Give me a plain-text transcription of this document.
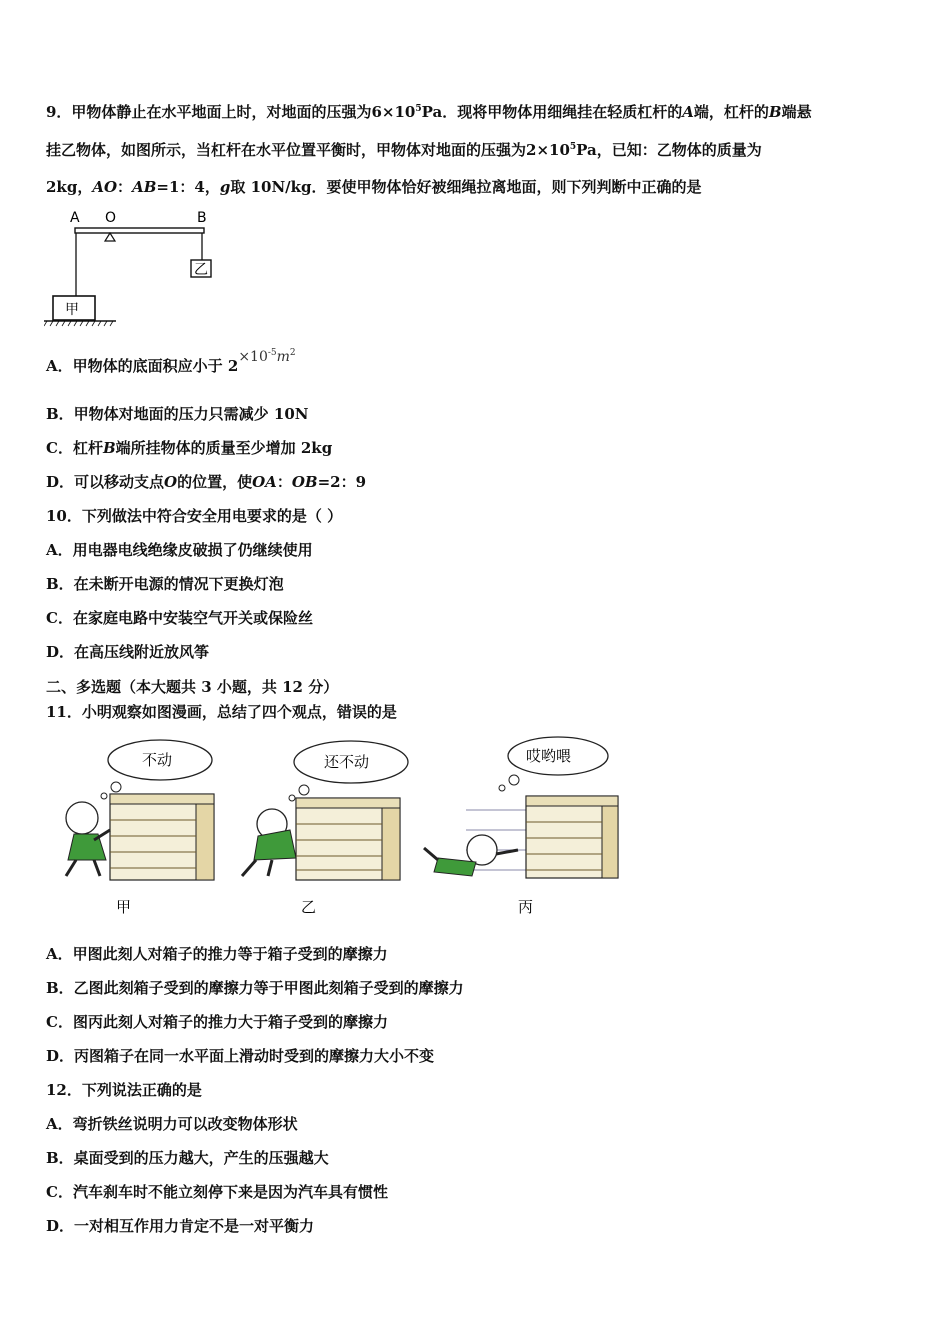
9．甲物体静止在水平地面上时，对地面的压强为$6\times 10^5Pa$．现将甲物体用细绳挂在轻质杠杆的A端，杠杆的B端悬
挂乙物体，如图所示，当杠杆在水平位置平衡时，甲物体对地面的压强为$2\times 10^5Pa$，已知：乙物体的质量为
2kg，AO：AB=1：4，g取 10N/kg．要使甲物体恰好被细绳拉离地面，则下列判断中正确的是
A O	B
乙
甲
A．甲物体的底面积应小于 $2\times 10^{-5}m^2$
B．甲物体对地面的压力只需减少 10N
C．杠杆B端所挂物体的质量至少增加 2kg
D．可以移动支点O的位置，使OA：OB=2：9
10．下列做法中符合安全用电要求的是（ ）
A．用电器电线绝缘皮破损了仍继续使用
B．在未断开电源的情况下更换灯泡
C．在家庭电路中安装空气开关或保险丝
D．在高压线附近放风筝
二、多选题（本大题共 3 小题，共 12 分）
11．小明观察如图漫画，总结了四个观点，错误的是
不动
甲
还不动
乙
哎哟喂
丙
A．甲图此刻人对箱子的推力等于箱子受到的摩擦力
B．乙图此刻箱子受到的摩擦力等于甲图此刻箱子受到的摩擦力
C．图丙此刻人对箱子的推力大于箱子受到的摩擦力
D．丙图箱子在同一水平面上滑动时受到的摩擦力大小不变
12．下列说法正确的是
A．弯折铁丝说明力可以改变物体形状
B．桌面受到的压力越大，产生的压强越大
C．汽车刹车时不能立刻停下来是因为汽车具有惯性
D．一对相互作用力肯定不是一对平衡力
